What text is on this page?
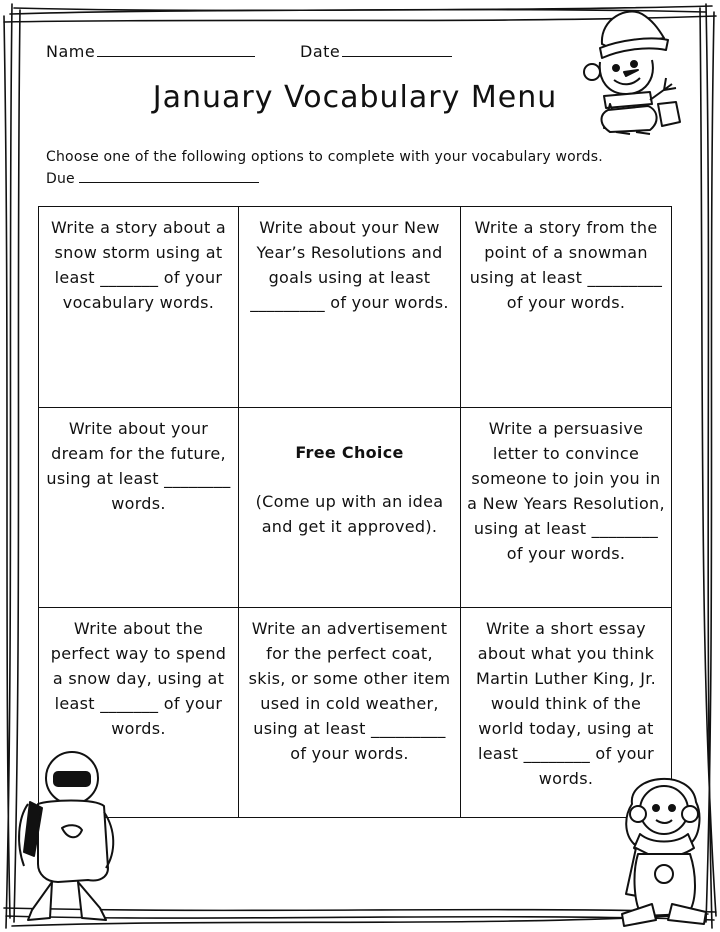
Name	Date
January Vocabulary Menu
Choose one of the following options to complete with your vocabulary words.
Due
Write a story about a snow storm using at least _______ of your vocabulary words.
Write about your New Year’s Resolutions and goals using at least _________ of your words.
Write a story from the point of a snowman using at least _________ of your words.
Write about your dream for the future, using at least ________ words.
Free Choice
(Come up with an idea and get it approved).
Write a persuasive letter to convince someone to join you in a New Years Resolution, using at least ________ of your words.
Write about the perfect way to spend a snow day, using at least _______ of your words.
Write an advertisement for the perfect coat, skis, or some other item used in cold weather, using at least _________ of your words.
Write a short essay about what you think Martin Luther King, Jr. would think of the world today, using at least ________ of your words.
